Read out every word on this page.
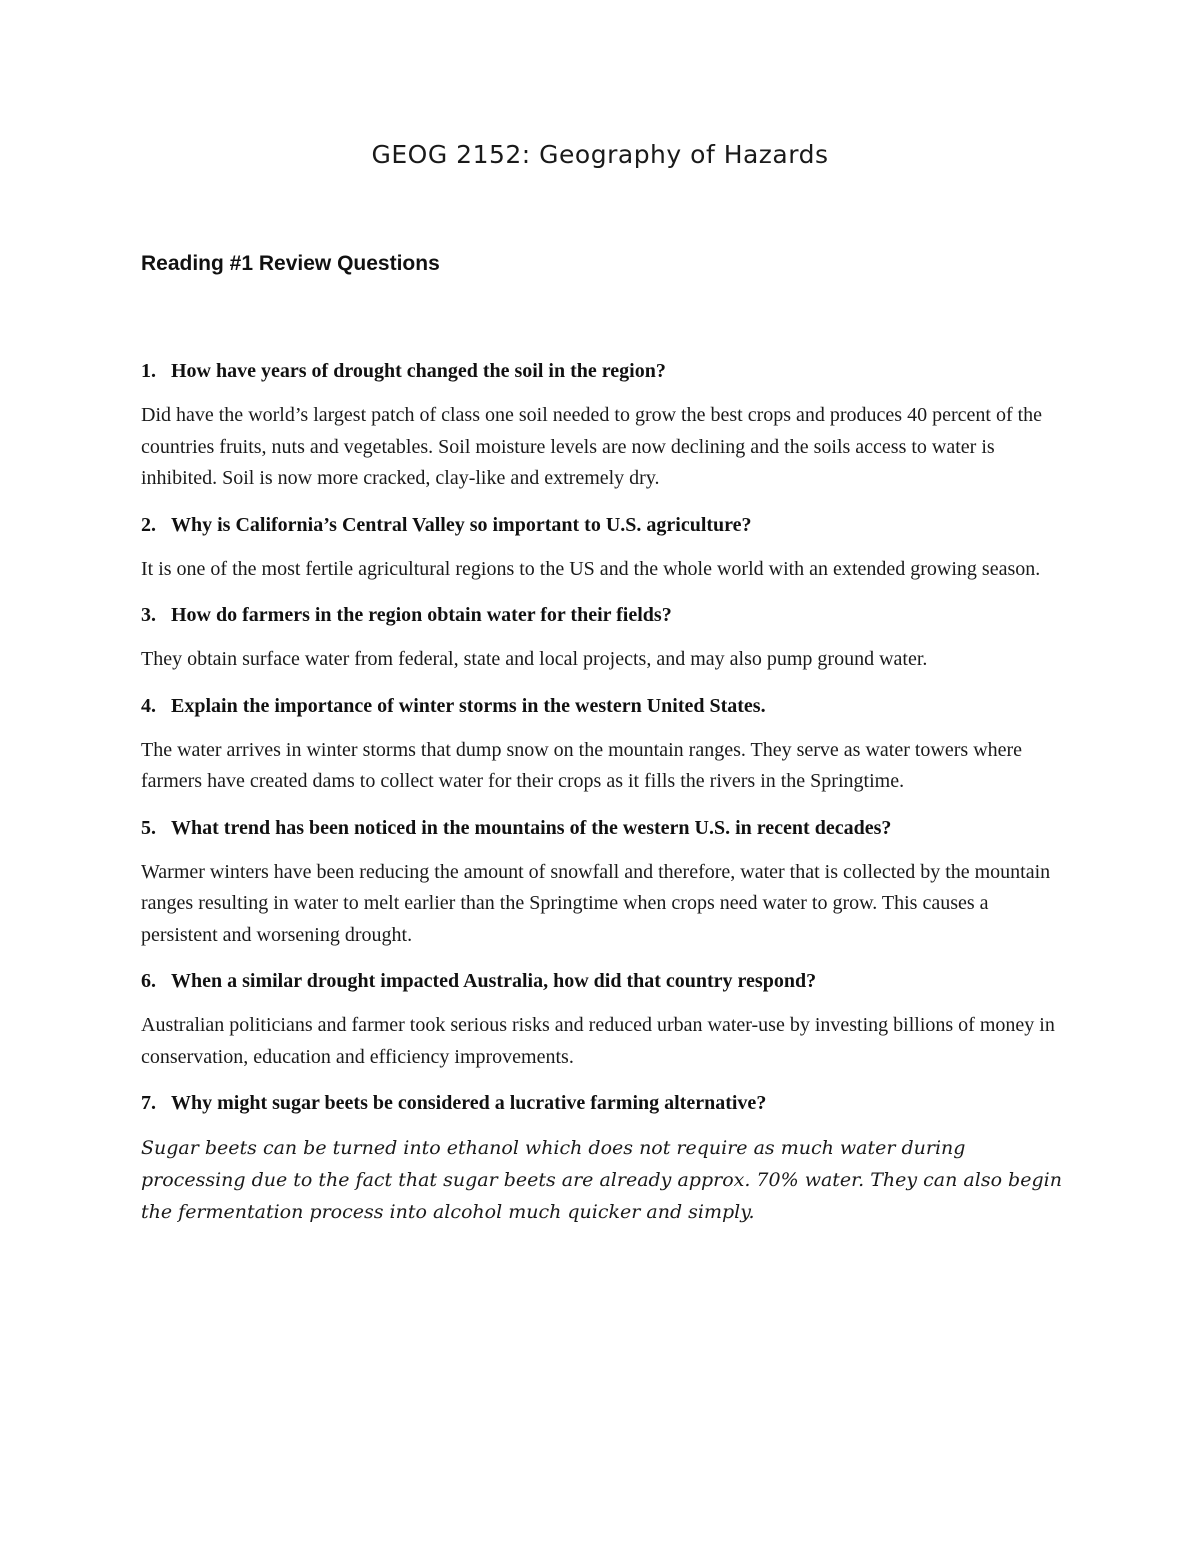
GEOG 2152: Geography of Hazards
Reading #1 Review Questions

1. How have years of drought changed the soil in the region?

Did have the world’s largest patch of class one soil needed to grow the best crops and produces 40 percent of the countries fruits, nuts and vegetables. Soil moisture levels are now declining and the soils access to water is inhibited. Soil is now more cracked, clay-like and extremely dry.

2. Why is California’s Central Valley so important to U.S. agriculture?

It is one of the most fertile agricultural regions to the US and the whole world with an extended growing season.

3. How do farmers in the region obtain water for their fields?

They obtain surface water from federal, state and local projects, and may also pump ground water.

4. Explain the importance of winter storms in the western United States.

The water arrives in winter storms that dump snow on the mountain ranges. They serve as water towers where farmers have created dams to collect water for their crops as it fills the rivers in the Springtime.

5. What trend has been noticed in the mountains of the western U.S. in recent decades?

Warmer winters have been reducing the amount of snowfall and therefore, water that is collected by the mountain ranges resulting in water to melt earlier than the Springtime when crops need water to grow. This causes a persistent and worsening drought.

6. When a similar drought impacted Australia, how did that country respond?

Australian politicians and farmer took serious risks and reduced urban water-use by investing billions of money in conservation, education and efficiency improvements.

7. Why might sugar beets be considered a lucrative farming alternative?

Sugar beets can be turned into ethanol which does not require as much water during processing due to the fact that sugar beets are already approx. 70% water. They can also begin the fermentation process into alcohol much quicker and simply.
